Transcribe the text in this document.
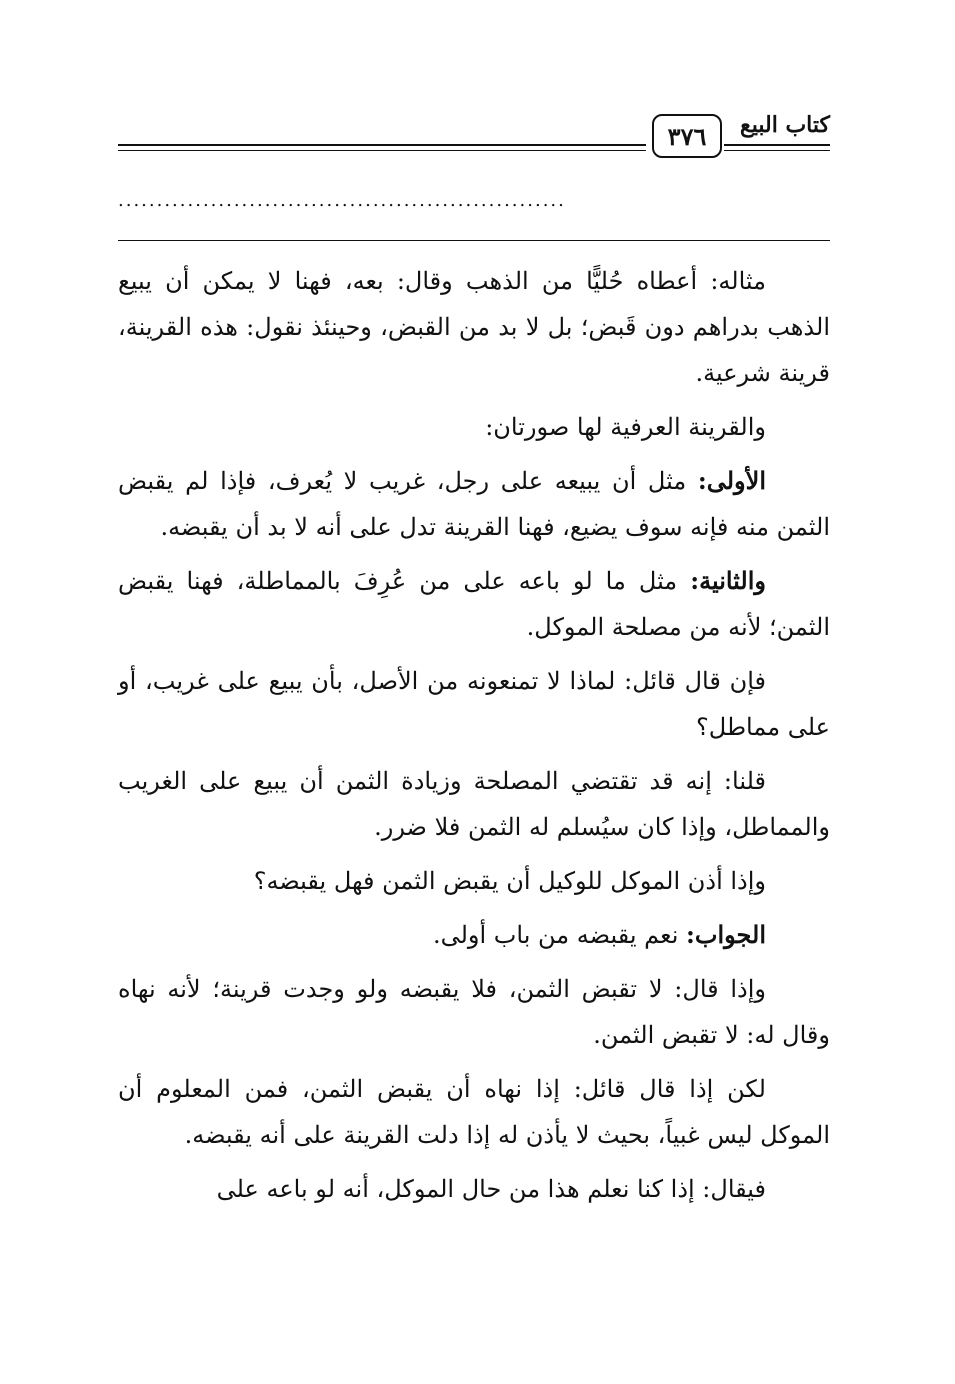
كتاب البيع
٣٧٦
..........................................................

مثاله: أعطاه حُليًّا من الذهب وقال: بعه، فهنا لا يمكن أن يبيع الذهب بدراهم دون قَبض؛ بل لا بد من القبض، وحينئذ نقول: هذه القرينة، قرينة شرعية.

والقرينة العرفية لها صورتان:

الأولى: مثل أن يبيعه على رجل، غريب لا يُعرف، فإذا لم يقبض الثمن منه فإنه سوف يضيع، فهنا القرينة تدل على أنه لا بد أن يقبضه.

والثانية: مثل ما لو باعه على من عُرِفَ بالمماطلة، فهنا يقبض الثمن؛ لأنه من مصلحة الموكل.

فإن قال قائل: لماذا لا تمنعونه من الأصل، بأن يبيع على غريب، أو على مماطل؟

قلنا: إنه قد تقتضي المصلحة وزيادة الثمن أن يبيع على الغريب والمماطل، وإذا كان سيُسلم له الثمن فلا ضرر.

وإذا أذن الموكل للوكيل أن يقبض الثمن فهل يقبضه؟

الجواب: نعم يقبضه من باب أولى.

وإذا قال: لا تقبض الثمن، فلا يقبضه ولو وجدت قرينة؛ لأنه نهاه وقال له: لا تقبض الثمن.

لكن إذا قال قائل: إذا نهاه أن يقبض الثمن، فمن المعلوم أن الموكل ليس غبياً، بحيث لا يأذن له إذا دلت القرينة على أنه يقبضه.

فيقال: إذا كنا نعلم هذا من حال الموكل، أنه لو باعه على
